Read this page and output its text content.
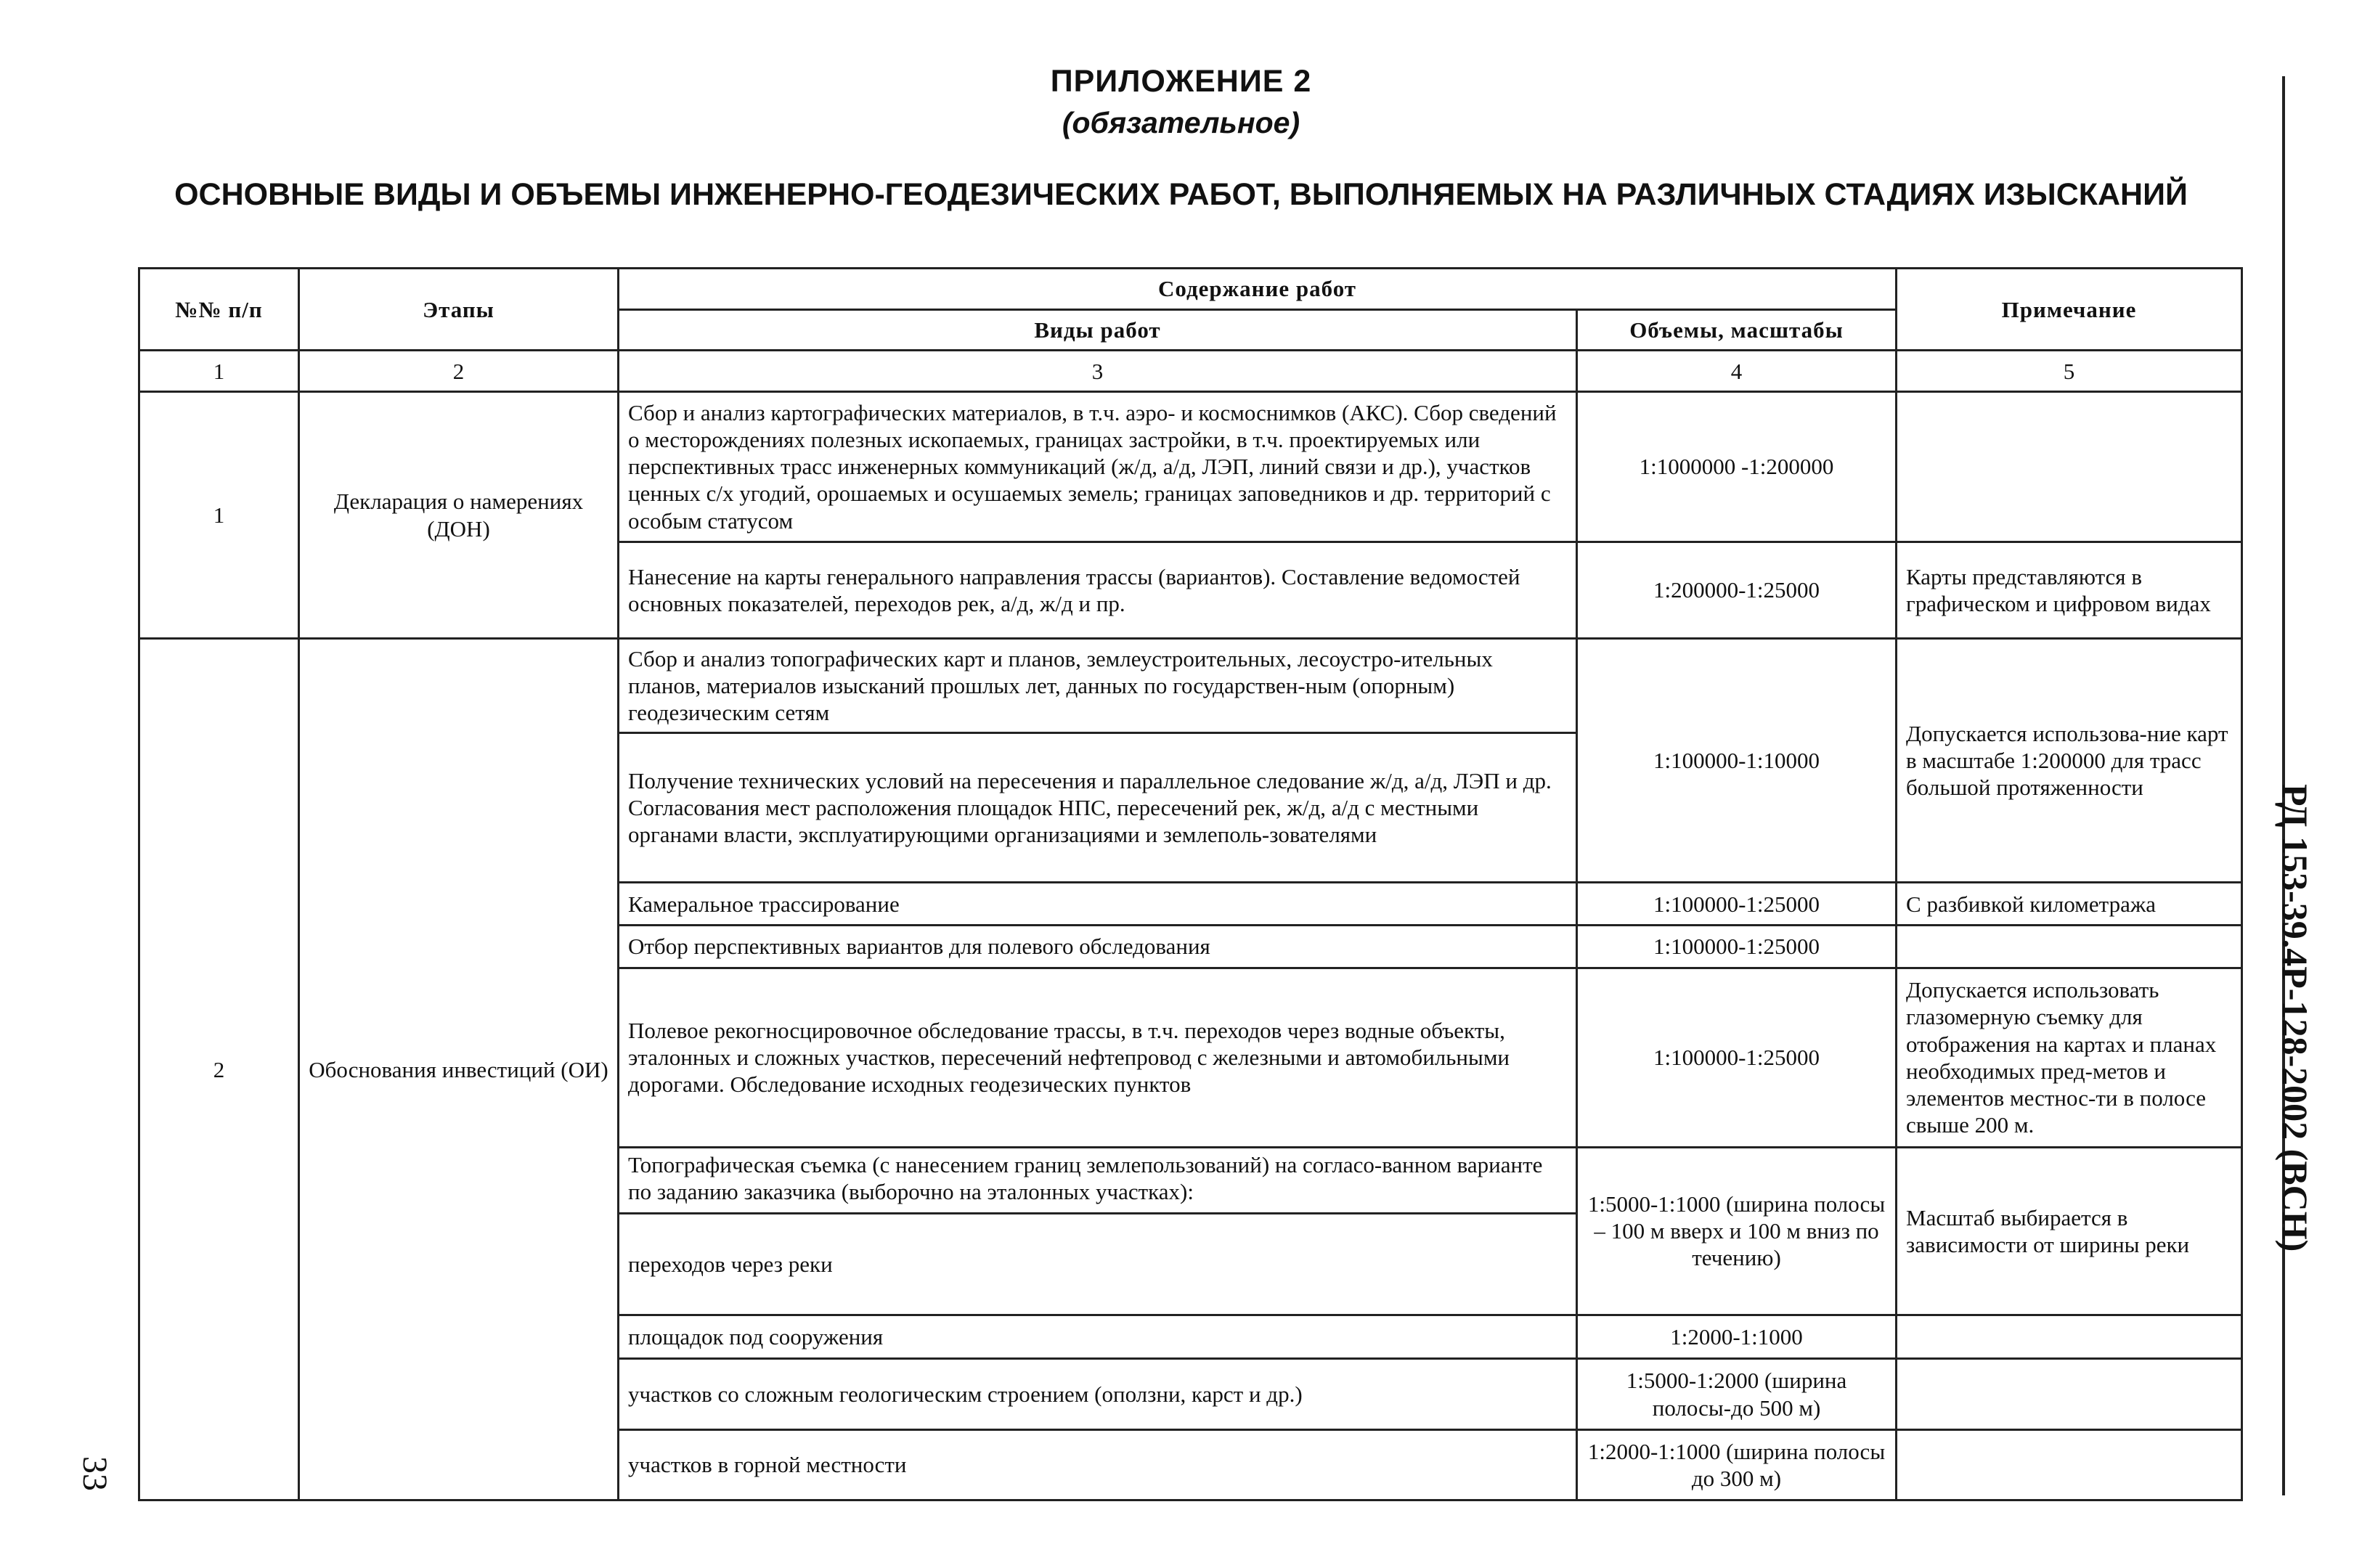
ПРИЛОЖЕНИЕ 2
(обязательное)
ОСНОВНЫЕ ВИДЫ И ОБЪЕМЫ ИНЖЕНЕРНО-ГЕОДЕЗИЧЕСКИХ РАБОТ, ВЫПОЛНЯЕМЫХ НА РАЗЛИЧНЫХ СТАДИЯХ ИЗЫСКАНИЙ
№№ п/п	Этапы	Содержание работ		Примечание
		Виды работ	Объемы, масштабы	
1	2	3	4	5
1	Декларация о намерениях (ДОН)	Сбор и анализ картографических материалов, в т.ч. аэро- и космоснимков (АКС). Сбор сведений о месторождениях полезных ископаемых, границах застройки, в т.ч. проектируемых или перспективных трасс инженерных коммуникаций (ж/д, а/д, ЛЭП, линий связи и др.), участков ценных с/х угодий, орошаемых и осушаемых земель; границах заповедников и др. территорий с особым статусом	1:1000000 -1:200000	
		Нанесение на карты генерального направления трассы (вариантов). Составление ведомостей основных показателей, переходов рек, а/д, ж/д и пр.	1:200000-1:25000	Карты представляются в графическом и цифровом видах
2	Обоснования инвестиций (ОИ)	Сбор и анализ топографических карт и планов, землеустроительных, лесоустро-ительных планов, материалов изысканий прошлых лет, данных по государствен-ным (опорным) геодезическим сетям	1:100000-1:10000	Допускается использова-ние карт в масштабе 1:200000 для трасс большой протяженности
		Получение технических условий на пересечения и параллельное следование ж/д, а/д, ЛЭП и др. Согласования мест расположения площадок НПС, пересечений рек, ж/д, а/д с местными органами власти, эксплуатирующими организациями и землеполь-зователями		
		Камеральное трассирование	1:100000-1:25000	С разбивкой километража
		Отбор перспективных вариантов для полевого обследования	1:100000-1:25000	
		Полевое рекогносцировочное обследование трассы, в т.ч. переходов через водные объекты, эталонных и сложных участков, пересечений нефтепровод с железными и автомобильными дорогами. Обследование исходных геодезических пунктов	1:100000-1:25000	Допускается использовать глазомерную съемку для отображения на картах и планах необходимых пред-метов и элементов местнос-ти в полосе свыше 200 м.
		Топографическая съемка (с нанесением границ землепользований) на согласо-ванном варианте по заданию заказчика (выборочно на эталонных участках):	1:5000-1:1000 (ширина полосы – 100 м вверх и 100 м вниз по течению)	Масштаб выбирается в зависимости от ширины реки
		переходов через реки		
		площадок под сооружения	1:2000-1:1000	
		участков со сложным геологическим строением (оползни, карст и др.)	1:5000-1:2000 (ширина полосы-до 500 м)	
		участков в горной местности	1:2000-1:1000 (ширина полосы до 300 м)	
РД 153-39.4Р-128-2002 (ВСН)
33
